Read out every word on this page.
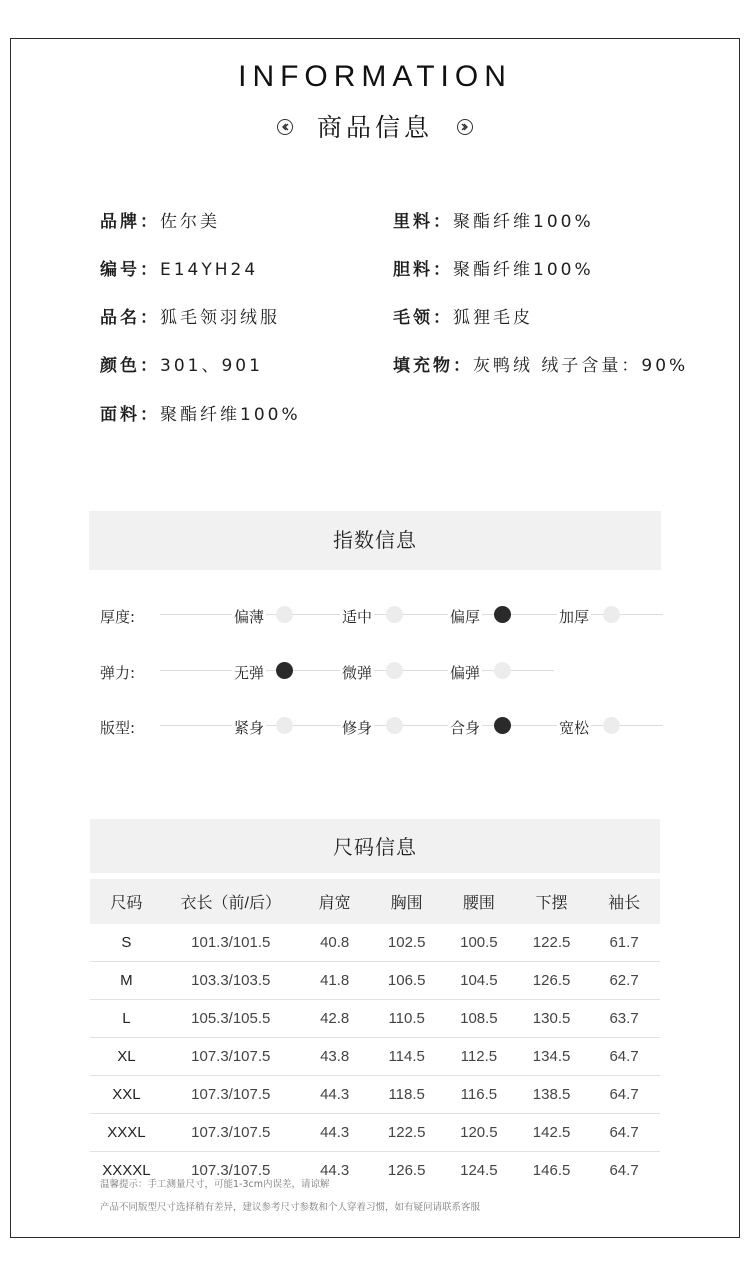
INFORMATION
商品信息
品牌：佐尔美
编号：E14YH24
品名：狐毛领羽绒服
颜色：301、901
面料：聚酯纤维100%
里料：聚酯纤维100%
胆料：聚酯纤维100%
毛领：狐狸毛皮
填充物：灰鸭绒 绒子含量：90%
指数信息
厚度:	偏薄	适中	偏厚	加厚
弹力:	无弹	微弹	偏弹
版型:	紧身	修身	合身	宽松
尺码信息
尺码	衣长（前/后）	肩宽	胸围	腰围	下摆	袖长
S	101.3/101.5	40.8	102.5	100.5	122.5	61.7
M	103.3/103.5	41.8	106.5	104.5	126.5	62.7
L	105.3/105.5	42.8	110.5	108.5	130.5	63.7
XL	107.3/107.5	43.8	114.5	112.5	134.5	64.7
XXL	107.3/107.5	44.3	118.5	116.5	138.5	64.7
XXXL	107.3/107.5	44.3	122.5	120.5	142.5	64.7
XXXXL	107.3/107.5	44.3	126.5	124.5	146.5	64.7
温馨提示：手工测量尺寸，可能1-3cm内误差，请谅解
产品不同版型尺寸选择稍有差异，建议参考尺寸参数和个人穿着习惯，如有疑问请联系客服
